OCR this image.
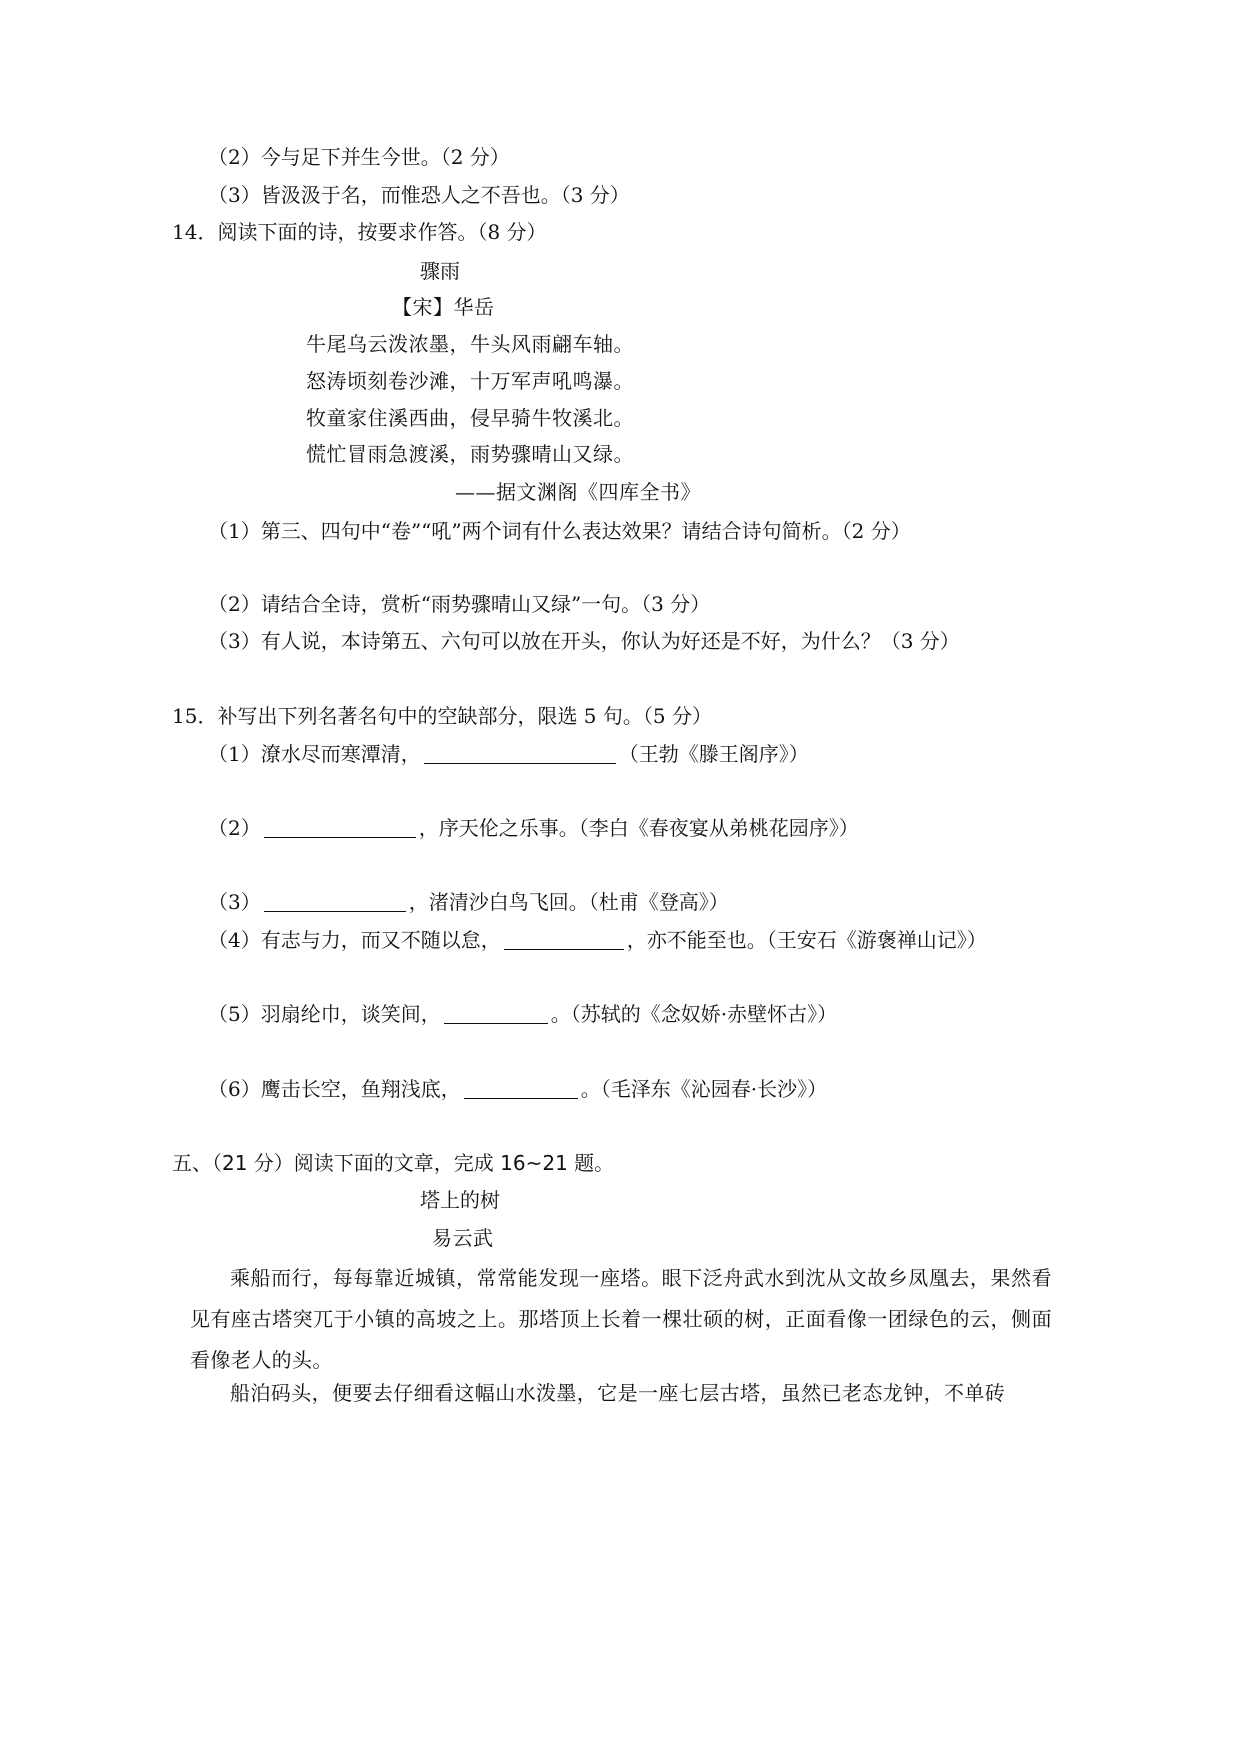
（2）今与足下并生今世。（2 分）
（3）皆汲汲于名，而惟恐人之不吾也。（3 分）
14．阅读下面的诗，按要求作答。（8 分）
骤雨
【宋】华岳
牛尾乌云泼浓墨，牛头风雨翩车轴。
怒涛顷刻卷沙滩，十万军声吼鸣瀑。
牧童家住溪西曲，侵早骑牛牧溪北。
慌忙冒雨急渡溪，雨势骤晴山又绿。
——据文渊阁《四库全书》
（1）第三、四句中“卷”“吼”两个词有什么表达效果？请结合诗句简析。（2 分）
（2）请结合全诗，赏析“雨势骤晴山又绿”一句。（3 分）
（3）有人说，本诗第五、六句可以放在开头，你认为好还是不好，为什么？（3 分）
15．补写出下列名著名句中的空缺部分，限选 5 句。（5 分）
（1）潦水尽而寒潭清，	（王勃《滕王阁序》）
（2）	，序天伦之乐事。（李白《春夜宴从弟桃花园序》）
（3）	，渚清沙白鸟飞回。（杜甫《登高》）
（4）有志与力，而又不随以怠，	，亦不能至也。（王安石《游褒禅山记》）
（5）羽扇纶巾，谈笑间，	。（苏轼的《念奴娇·赤壁怀古》）
（6）鹰击长空，鱼翔浅底，	。（毛泽东《沁园春·长沙》）
五、（21 分）阅读下面的文章，完成 16~21 题。
塔上的树
易云武
乘船而行，每每靠近城镇，常常能发现一座塔。眼下泛舟武水到沈从文故乡凤凰去，果然看见有座古塔突兀于小镇的高坡之上。那塔顶上长着一棵壮硕的树，正面看像一团绿色的云，侧面看像老人的头。
船泊码头，便要去仔细看这幅山水泼墨，它是一座七层古塔，虽然已老态龙钟，不单砖
